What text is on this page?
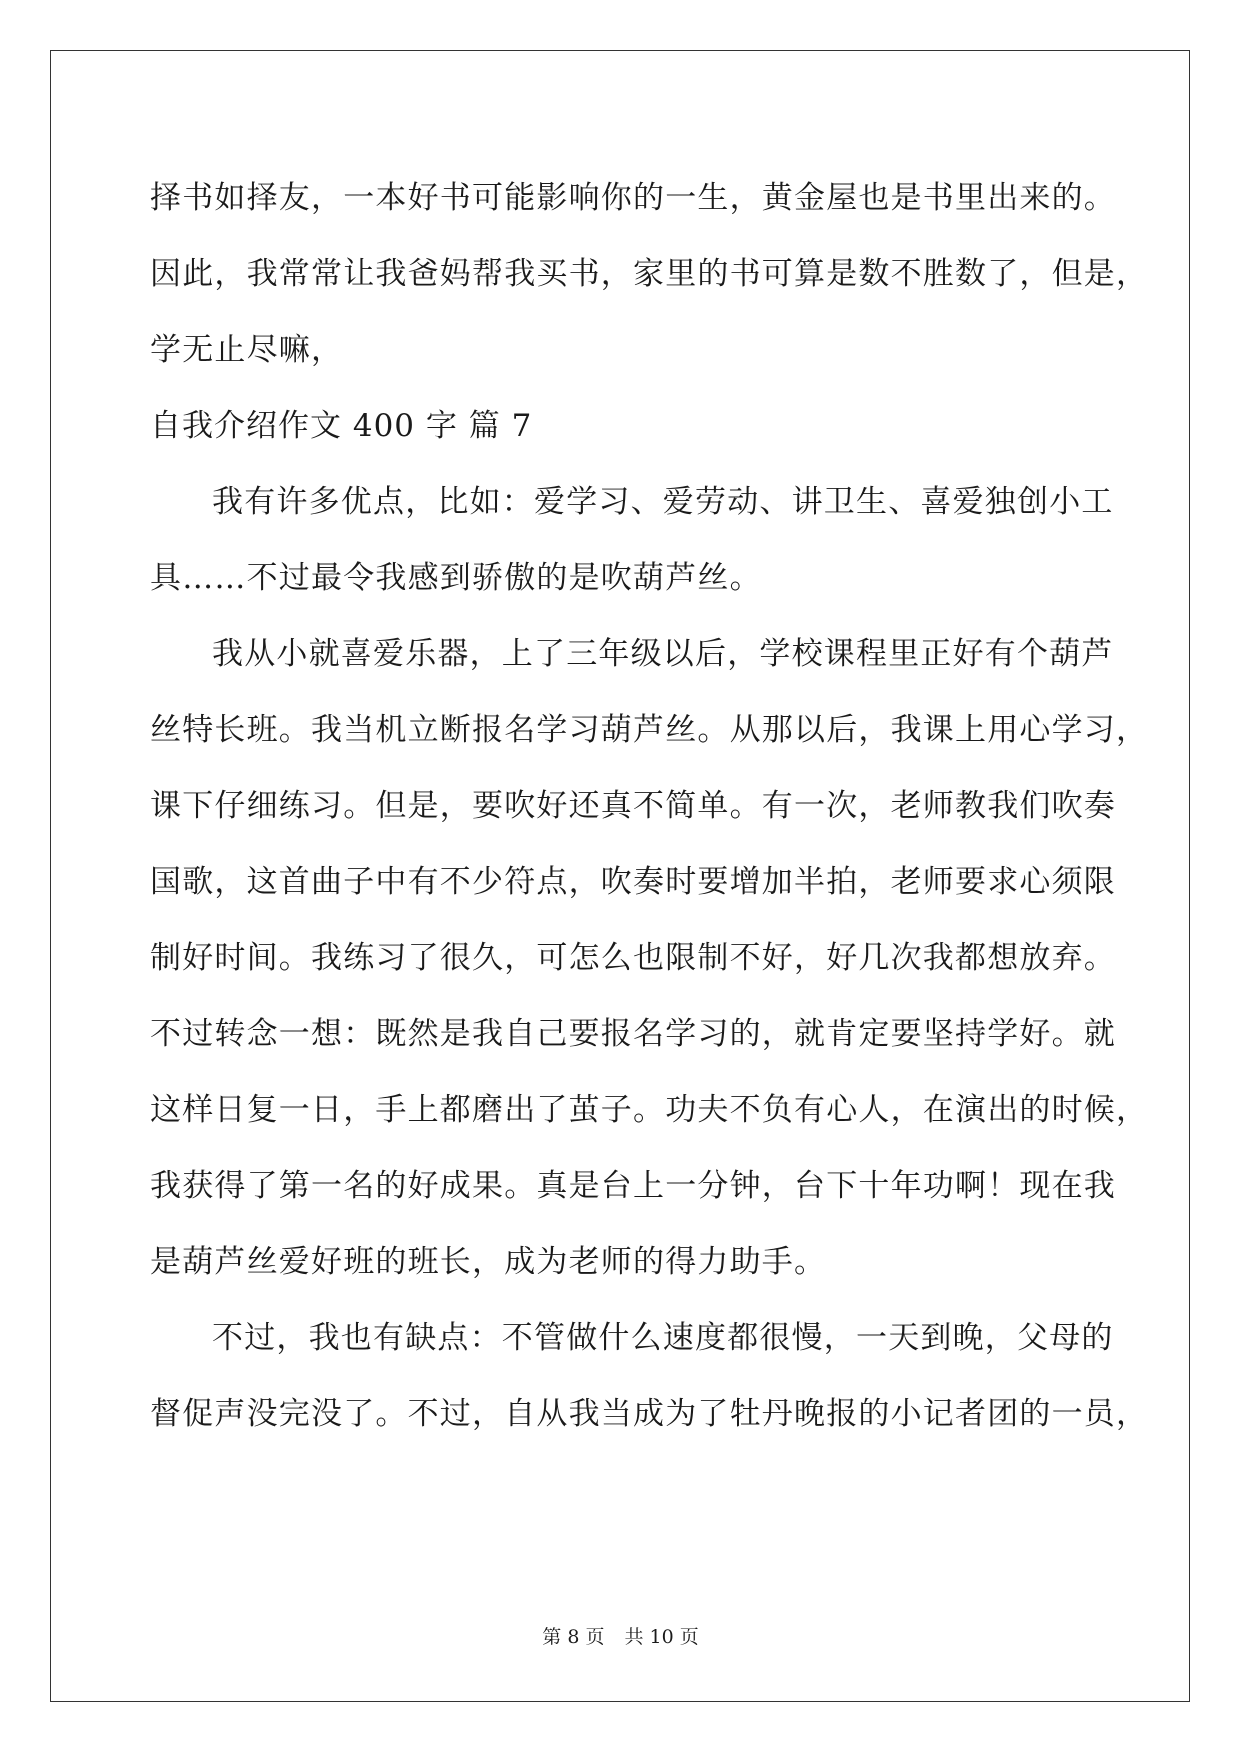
择书如择友，一本好书可能影响你的一生，黄金屋也是书里出来的。
因此，我常常让我爸妈帮我买书，家里的书可算是数不胜数了，但是，
学无止尽嘛，
自我介绍作文 400 字 篇 7
我有许多优点，比如：爱学习、爱劳动、讲卫生、喜爱独创小工
具……不过最令我感到骄傲的是吹葫芦丝。
我从小就喜爱乐器，上了三年级以后，学校课程里正好有个葫芦
丝特长班。我当机立断报名学习葫芦丝。从那以后，我课上用心学习，
课下仔细练习。但是，要吹好还真不简单。有一次，老师教我们吹奏
国歌，这首曲子中有不少符点，吹奏时要增加半拍，老师要求心须限
制好时间。我练习了很久，可怎么也限制不好，好几次我都想放弃。
不过转念一想：既然是我自己要报名学习的，就肯定要坚持学好。就
这样日复一日，手上都磨出了茧子。功夫不负有心人，在演出的时候，
我获得了第一名的好成果。真是台上一分钟，台下十年功啊！现在我
是葫芦丝爱好班的班长，成为老师的得力助手。
不过，我也有缺点：不管做什么速度都很慢，一天到晚，父母的
督促声没完没了。不过，自从我当成为了牡丹晚报的小记者团的一员，
第 8 页 共 10 页
